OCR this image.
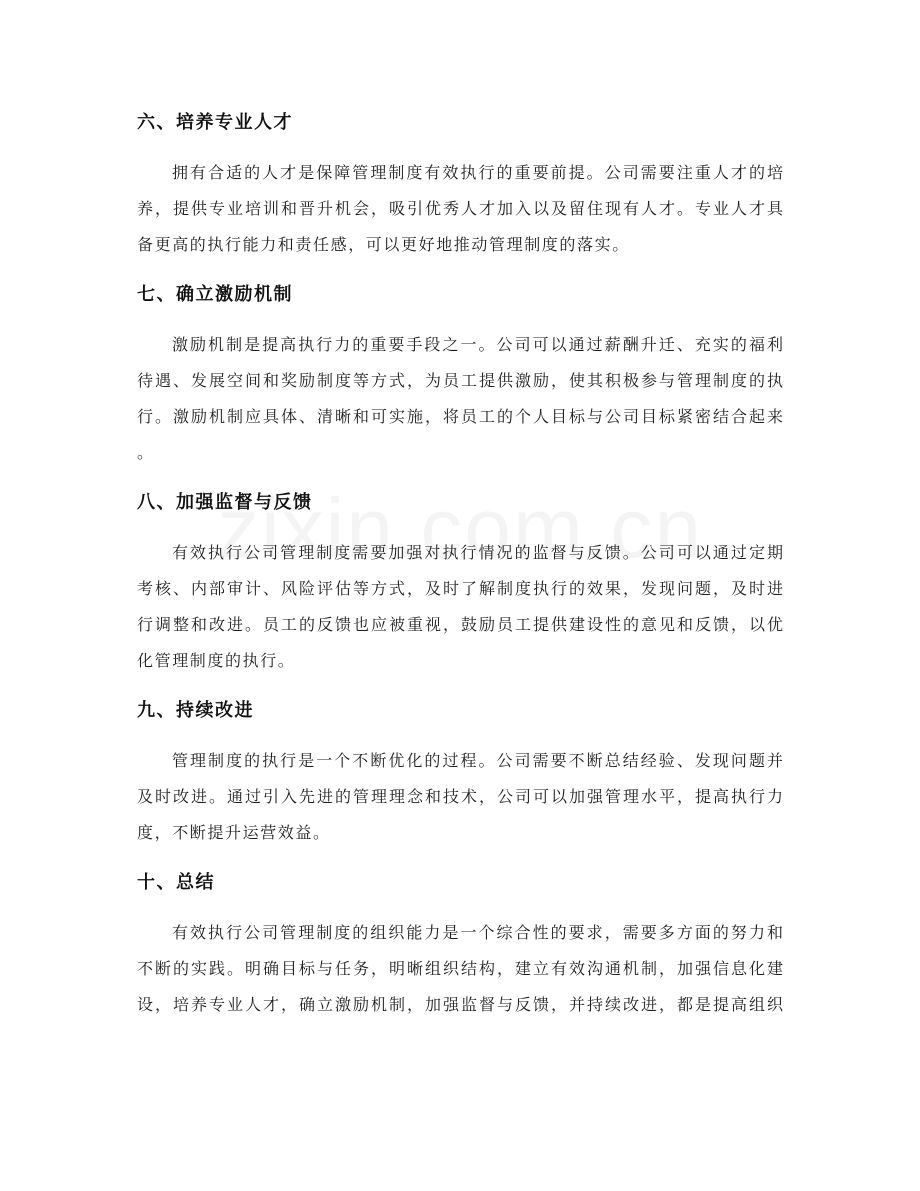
六、培养专业人才
拥有合适的人才是保障管理制度有效执行的重要前提。公司需要注重人才的培
养，提供专业培训和晋升机会，吸引优秀人才加入以及留住现有人才。专业人才具
备更高的执行能力和责任感，可以更好地推动管理制度的落实。
七、确立激励机制
激励机制是提高执行力的重要手段之一。公司可以通过薪酬升迁、充实的福利
待遇、发展空间和奖励制度等方式，为员工提供激励，使其积极参与管理制度的执
行。激励机制应具体、清晰和可实施，将员工的个人目标与公司目标紧密结合起来
。
八、加强监督与反馈
有效执行公司管理制度需要加强对执行情况的监督与反馈。公司可以通过定期
考核、内部审计、风险评估等方式，及时了解制度执行的效果，发现问题，及时进
行调整和改进。员工的反馈也应被重视，鼓励员工提供建设性的意见和反馈，以优
化管理制度的执行。
九、持续改进
管理制度的执行是一个不断优化的过程。公司需要不断总结经验、发现问题并
及时改进。通过引入先进的管理理念和技术，公司可以加强管理水平，提高执行力
度，不断提升运营效益。
十、总结
有效执行公司管理制度的组织能力是一个综合性的要求，需要多方面的努力和
不断的实践。明确目标与任务，明晰组织结构，建立有效沟通机制，加强信息化建
设，培养专业人才，确立激励机制，加强监督与反馈，并持续改进，都是提高组织
